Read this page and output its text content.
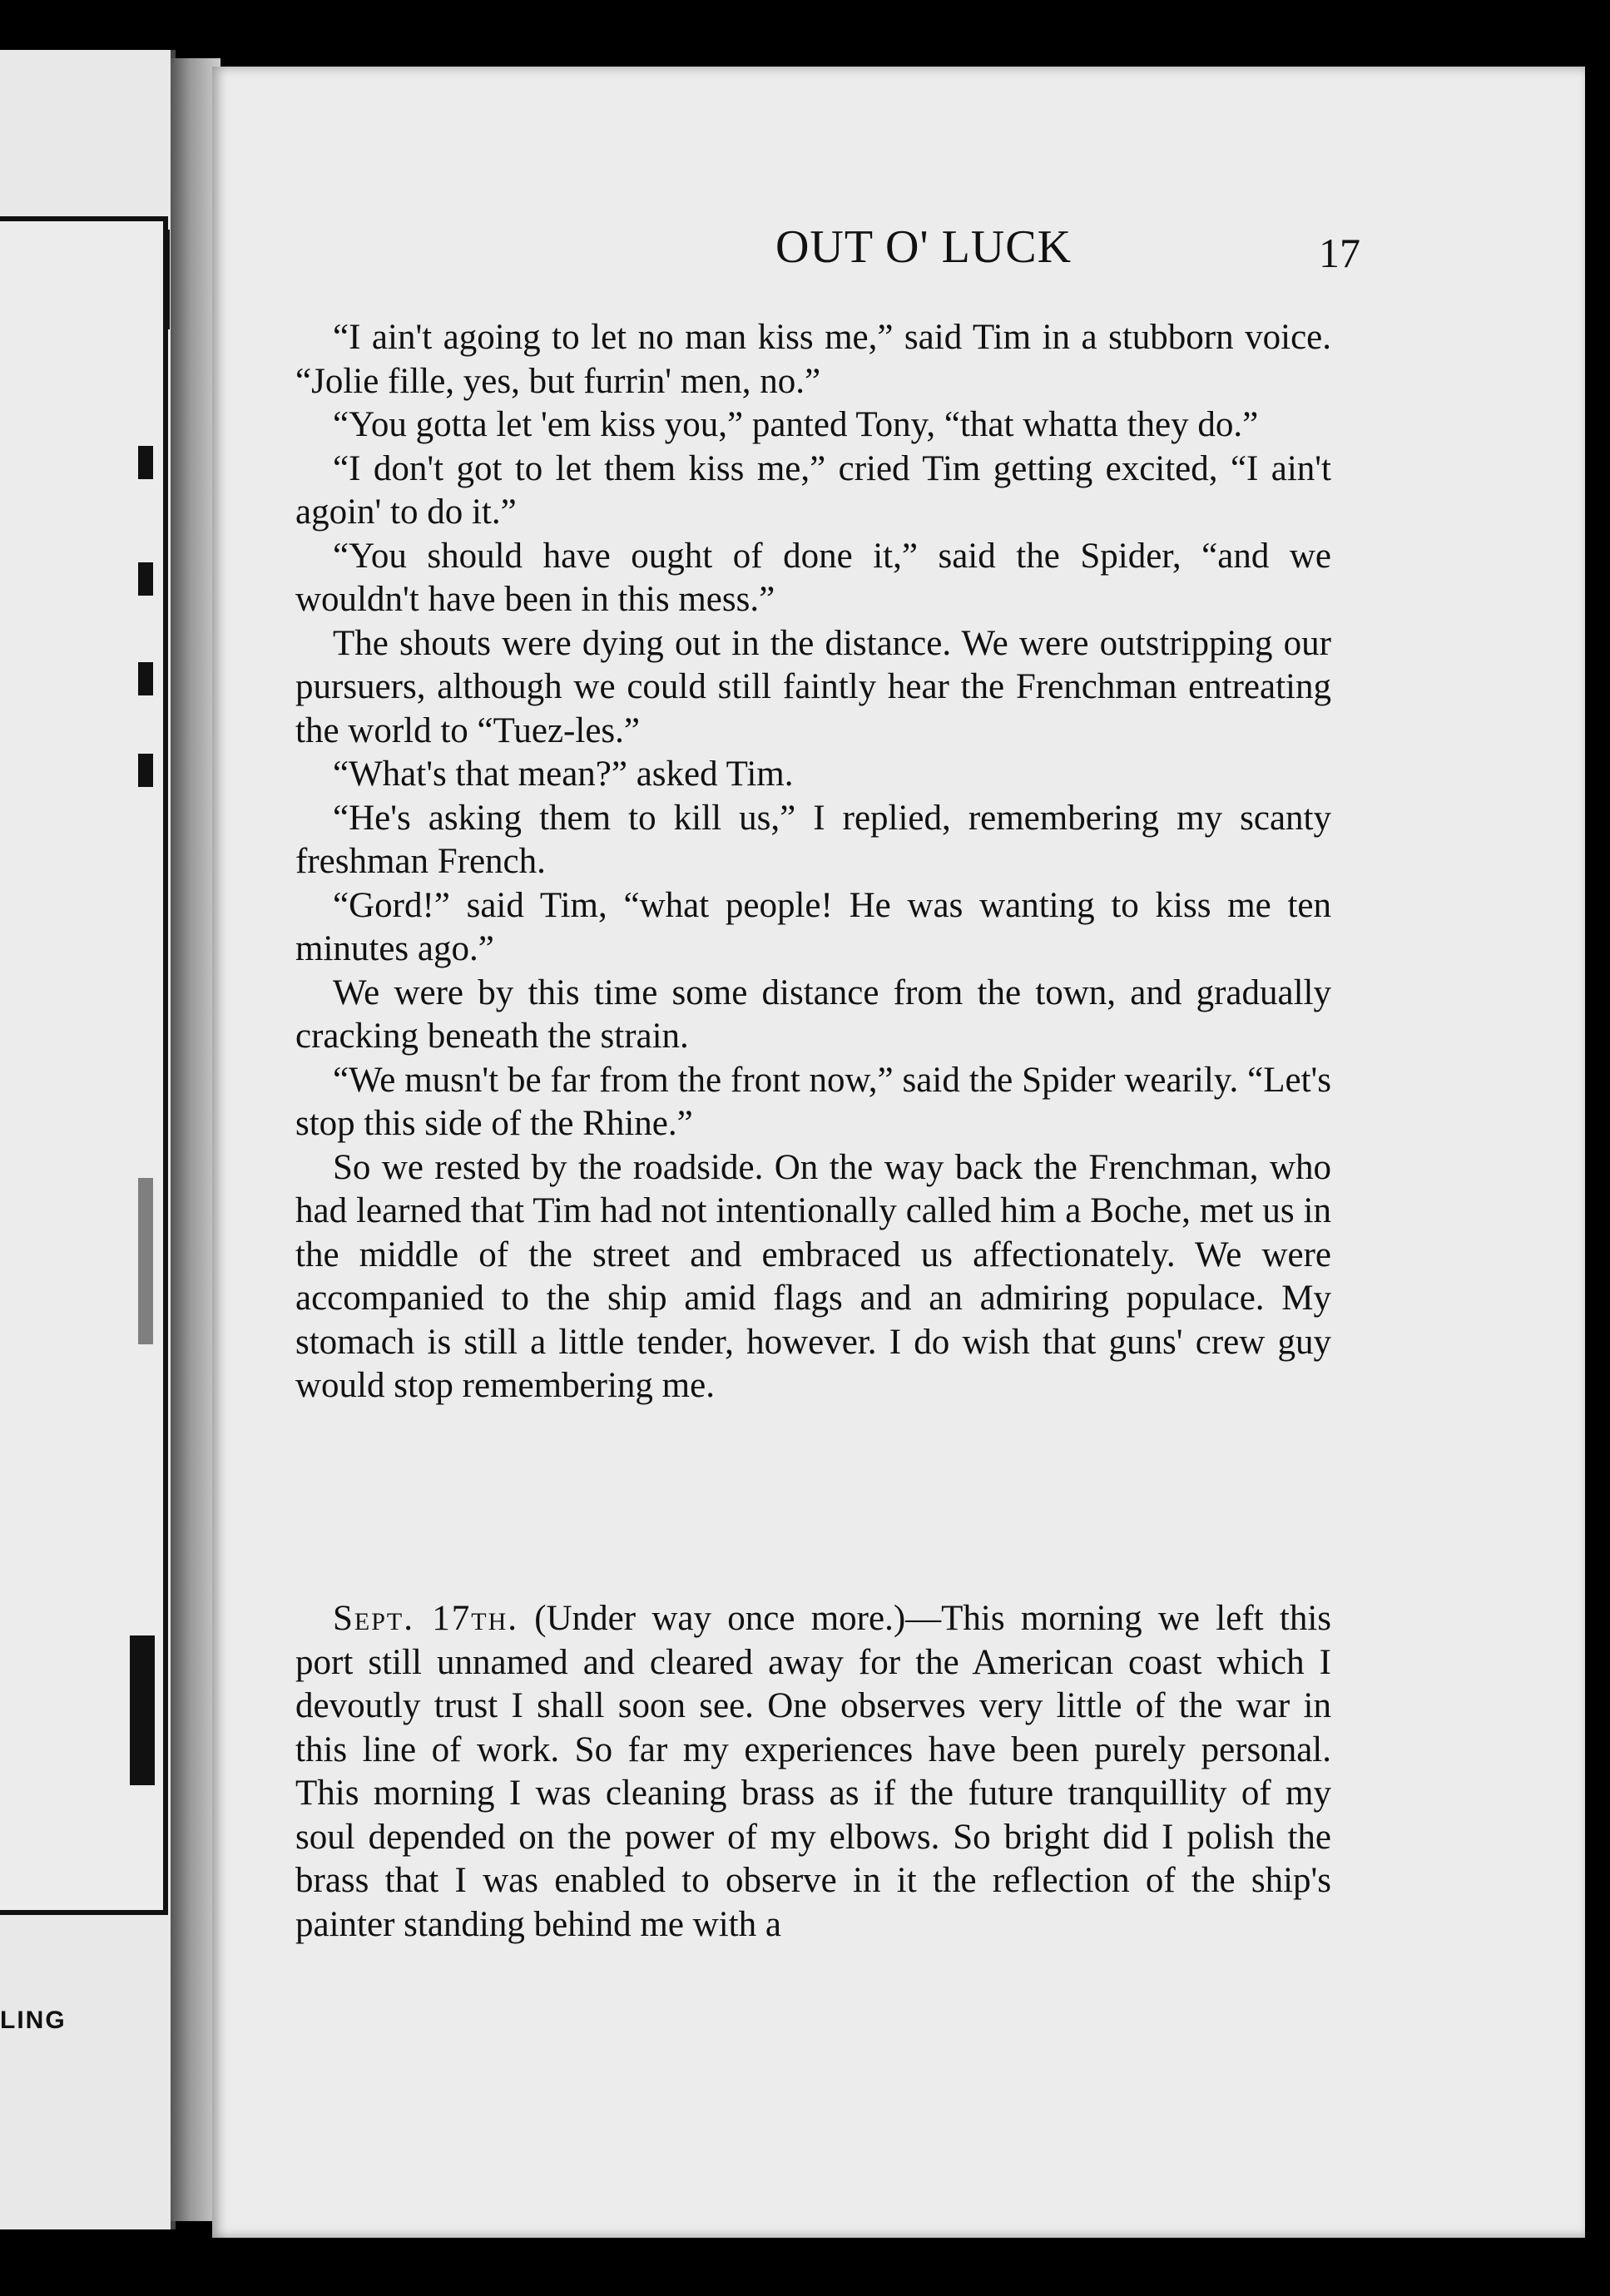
LING
OUT O' LUCK	17

“I ain't agoing to let no man kiss me,” said Tim in a stubborn voice. “Jolie fille, yes, but furrin' men, no.”

“You gotta let 'em kiss you,” panted Tony, “that whatta they do.”

“I don't got to let them kiss me,” cried Tim getting excited, “I ain't agoin' to do it.”

“You should have ought of done it,” said the Spider, “and we wouldn't have been in this mess.”

The shouts were dying out in the distance. We were outstripping our pursuers, although we could still faintly hear the Frenchman entreating the world to “Tuez-les.”

“What's that mean?” asked Tim.

“He's asking them to kill us,” I replied, remembering my scanty freshman French.

“Gord!” said Tim, “what people! He was wanting to kiss me ten minutes ago.”

We were by this time some distance from the town, and gradually cracking beneath the strain.

“We musn't be far from the front now,” said the Spider wearily. “Let's stop this side of the Rhine.”

So we rested by the roadside. On the way back the Frenchman, who had learned that Tim had not intentionally called him a Boche, met us in the middle of the street and embraced us affectionately. We were accompanied to the ship amid flags and an admiring populace. My stomach is still a little tender, however. I do wish that guns' crew guy would stop remembering me.

Sept. 17th. (Under way once more.)—This morning we left this port still unnamed and cleared away for the American coast which I devoutly trust I shall soon see. One observes very little of the war in this line of work. So far my experiences have been purely personal. This morning I was cleaning brass as if the future tranquillity of my soul depended on the power of my elbows. So bright did I polish the brass that I was enabled to observe in it the reflection of the ship's painter standing behind me with a
